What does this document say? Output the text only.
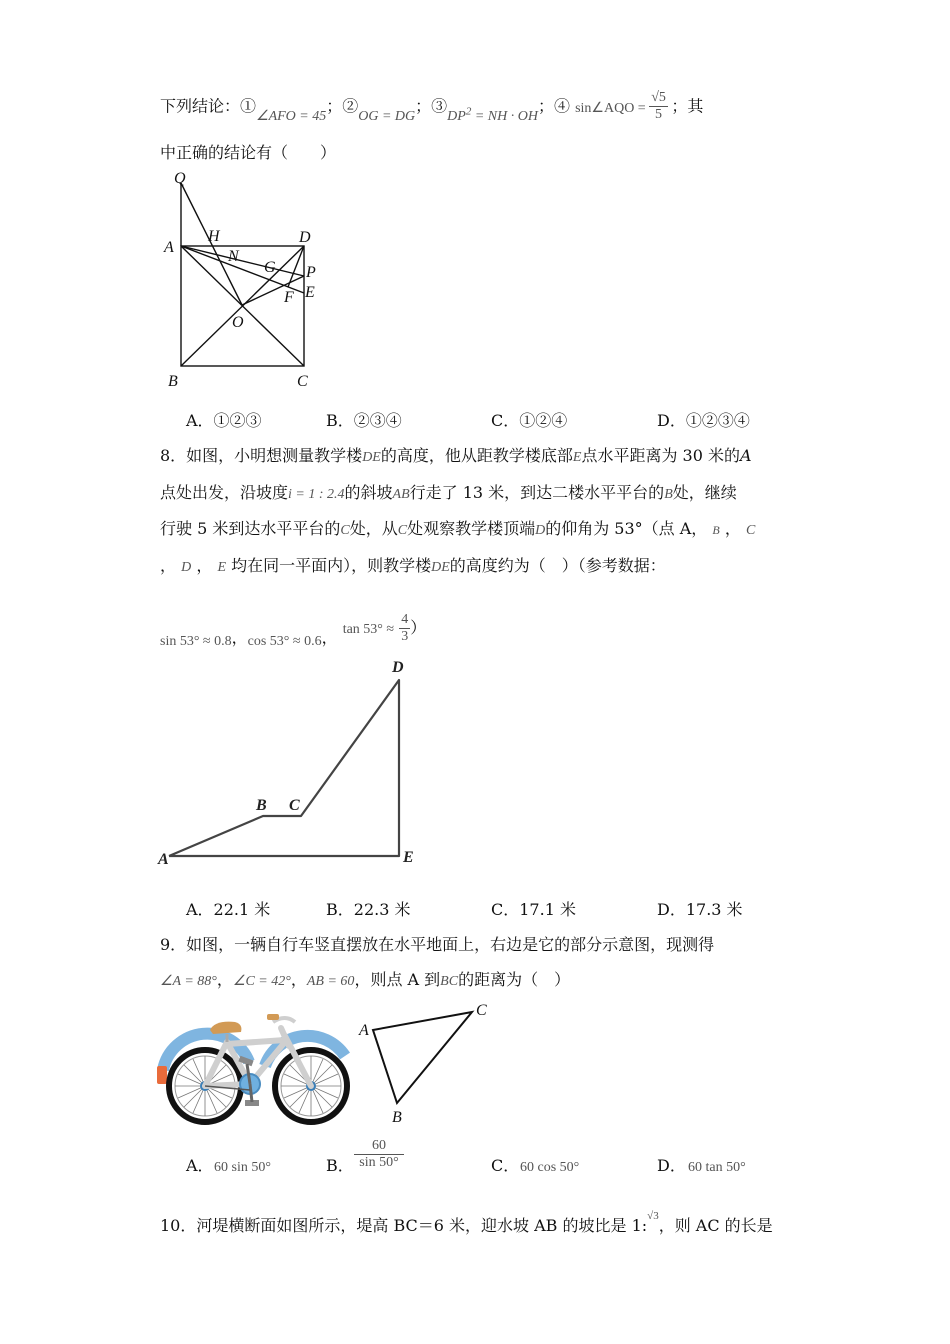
下列结论：①∠AFO = 45；②OG = DG；$③DP^2$ = NH · OH；④ sin∠AQO = $\frac{√5}{5}$ ；其
中正确的结论有（　　）
Q
H
A
D
N
G P
F E
O
B	C
A．①②③	B．②③④	C．①②④	D．①②③④
8．如图，小明想测量教学楼DE的高度，他从距教学楼底部E点水平距离为 30 米的A
点处出发，沿坡度i = 1 : 2.4的斜坡AB行走了 13 米，到达二楼水平平台的B处，继续
行驶 5 米到达水平平台的C处，从C处观察教学楼顶端D的仰角为 53°（点 A， B ， C
， D ， E 均在同一平面内），则教学楼DE的高度约为（　）（参考数据：
sin 53° ≈ 0.8，cos 53° ≈ 0.6， $\tan 53^\circ \approx \frac{4}{3}$ ）
D
B C
A	E
A．22.1 米	B．22.3 米	C．17.1 米	D．17.3 米
9．如图，一辆自行车竖直摆放在水平地面上，右边是它的部分示意图，现测得
∠A = 88°，∠C = 42°，AB = 60，则点 A 到BC的距离为（　）
A
C
B
A． 60 sin 50°	B． $\frac{60}{\sin 50^\circ}$	C． 60 cos 50°	D． 60 tan 50°
10．河堤横断面如图所示，堤高 BC＝6 米，迎水坡 AB 的坡比是 1:$^{√3}$，则 AC 的长是
